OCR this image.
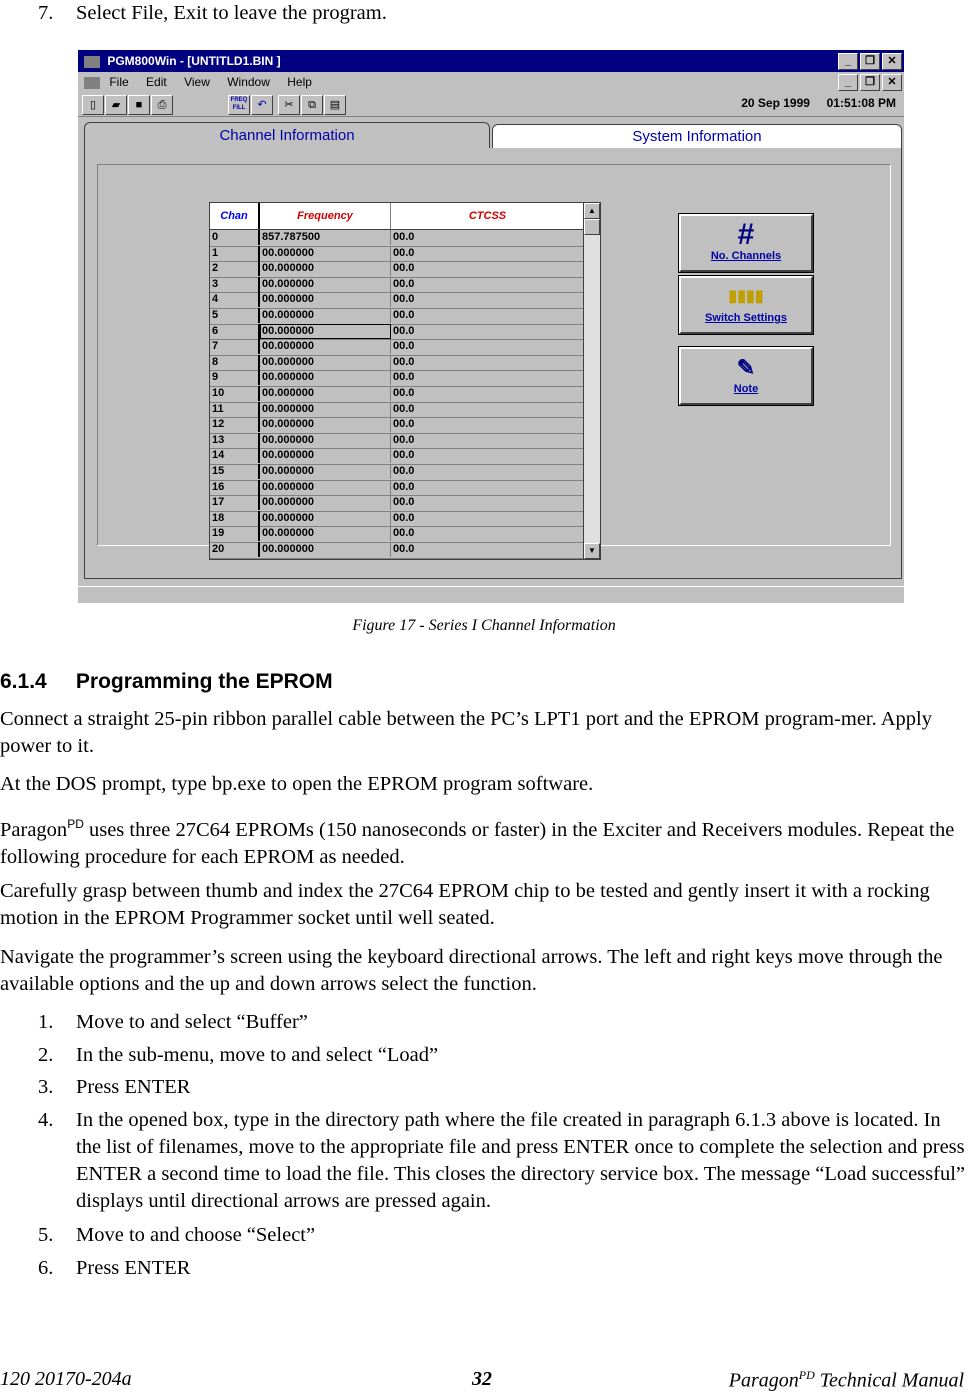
7. Select File, Exit to leave the program.
PGM800Win - [UNTITLD1.BIN ]	_	❐	✕
File Edit View Window Help	_	❐	✕
▯	▰	■	⎙	FREQ FILL	↶	✂	⧉	▤	20 Sep 1999 01:51:08 PM
Channel Information	System Information
Chan	Frequency	CTCSS
0	857.787500	00.0
1	00.000000	00.0
2	00.000000	00.0
3	00.000000	00.0
4	00.000000	00.0
5	00.000000	00.0
6	00.000000	00.0
7	00.000000	00.0
8	00.000000	00.0
9	00.000000	00.0
10	00.000000	00.0
11	00.000000	00.0
12	00.000000	00.0
13	00.000000	00.0
14	00.000000	00.0
15	00.000000	00.0
16	00.000000	00.0
17	00.000000	00.0
18	00.000000	00.0
19	00.000000	00.0
20	00.000000	00.0
▲
▼
#
No. Channels
▮▮▮▮
Switch Settings
✎
Note
Figure 17 - Series I Channel Information
6.1.4 Programming the EPROM
Connect a straight 25-pin ribbon parallel cable between the PC’s LPT1 port and the EPROM program-mer. Apply power to it.
At the DOS prompt, type bp.exe to open the EPROM program software.
Paragon$^{PD}$ uses three 27C64 EPROMs (150 nanoseconds or faster) in the Exciter and Receivers modules. Repeat the following procedure for each EPROM as needed.
Carefully grasp between thumb and index the 27C64 EPROM chip to be tested and gently insert it with a rocking motion in the EPROM Programmer socket until well seated.
Navigate the programmer’s screen using the keyboard directional arrows. The left and right keys move through the available options and the up and down arrows select the function.
1. Move to and select “Buffer”
2. In the sub-menu, move to and select “Load”
3. Press ENTER
4. In the opened box, type in the directory path where the file created in paragraph 6.1.3 above is located. In the list of filenames, move to the appropriate file and press ENTER once to complete the selection and press ENTER a second time to load the file. This closes the directory service box. The message “Load successful” displays until directional arrows are pressed again.
5. Move to and choose “Select”
6. Press ENTER
120 20170-204a	32	Paragon$^{PD}$ Technical Manual
